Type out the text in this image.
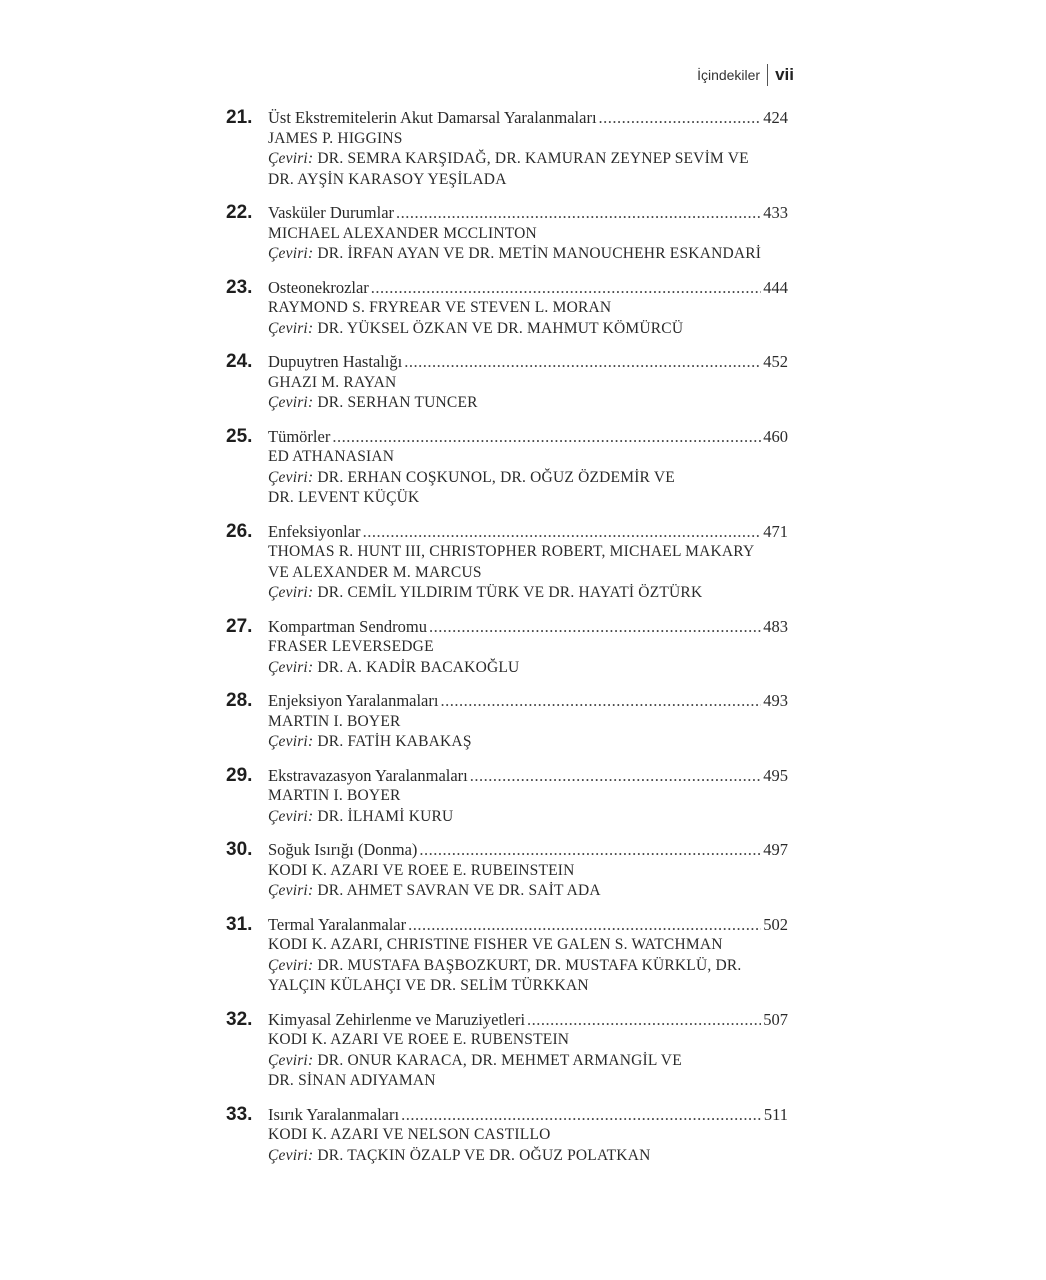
İçindekiler vii
21. Üst Ekstremitelerin Akut Damarsal Yaralanmaları .....	424
JAMES P. HIGGINS
Çeviri: DR. SEMRA KARŞIDAĞ, DR. KAMURAN ZEYNEP SEVİM VE
DR. AYŞİN KARASOY YEŞİLADA
22. Vasküler Durumlar .....	433
MICHAEL ALEXANDER MCCLINTON
Çeviri: DR. İRFAN AYAN VE DR. METİN MANOUCHEHR ESKANDARİ
23. Osteonekrozlar .....	444
RAYMOND S. FRYREAR VE STEVEN L. MORAN
Çeviri: DR. YÜKSEL ÖZKAN VE DR. MAHMUT KÖMÜRCÜ
24. Dupuytren Hastalığı .....	452
GHAZI M. RAYAN
Çeviri: DR. SERHAN TUNCER
25. Tümörler .....	460
ED ATHANASIAN
Çeviri: DR. ERHAN COŞKUNOL, DR. OĞUZ ÖZDEMİR VE
DR. LEVENT KÜÇÜK
26. Enfeksiyonlar .....	471
THOMAS R. HUNT III, CHRISTOPHER ROBERT, MICHAEL MAKARY
VE ALEXANDER M. MARCUS
Çeviri: DR. CEMİL YILDIRIM TÜRK VE DR. HAYATİ ÖZTÜRK
27. Kompartman Sendromu .....	483
FRASER LEVERSEDGE
Çeviri: DR. A. KADİR BACAKOĞLU
28. Enjeksiyon Yaralanmaları .....	493
MARTIN I. BOYER
Çeviri: DR. FATİH KABAKAŞ
29. Ekstravazasyon Yaralanmaları .....	495
MARTIN I. BOYER
Çeviri: DR. İLHAMİ KURU
30. Soğuk Isırığı (Donma) .....	497
KODI K. AZARI VE ROEE E. RUBEINSTEIN
Çeviri: DR. AHMET SAVRAN VE DR. SAİT ADA
31. Termal Yaralanmalar .....	502
KODI K. AZARI, CHRISTINE FISHER VE GALEN S. WATCHMAN
Çeviri: DR. MUSTAFA BAŞBOZKURT, DR. MUSTAFA KÜRKLÜ, DR.
YALÇIN KÜLAHÇI VE DR. SELİM TÜRKKAN
32. Kimyasal Zehirlenme ve Maruziyetleri .....	507
KODI K. AZARI VE ROEE E. RUBENSTEIN
Çeviri: DR. ONUR KARACA, DR. MEHMET ARMANGİL VE
DR. SİNAN ADIYAMAN
33. Isırık Yaralanmaları .....	511
KODI K. AZARI VE NELSON CASTILLO
Çeviri: DR. TAÇKIN ÖZALP VE DR. OĞUZ POLATKAN
